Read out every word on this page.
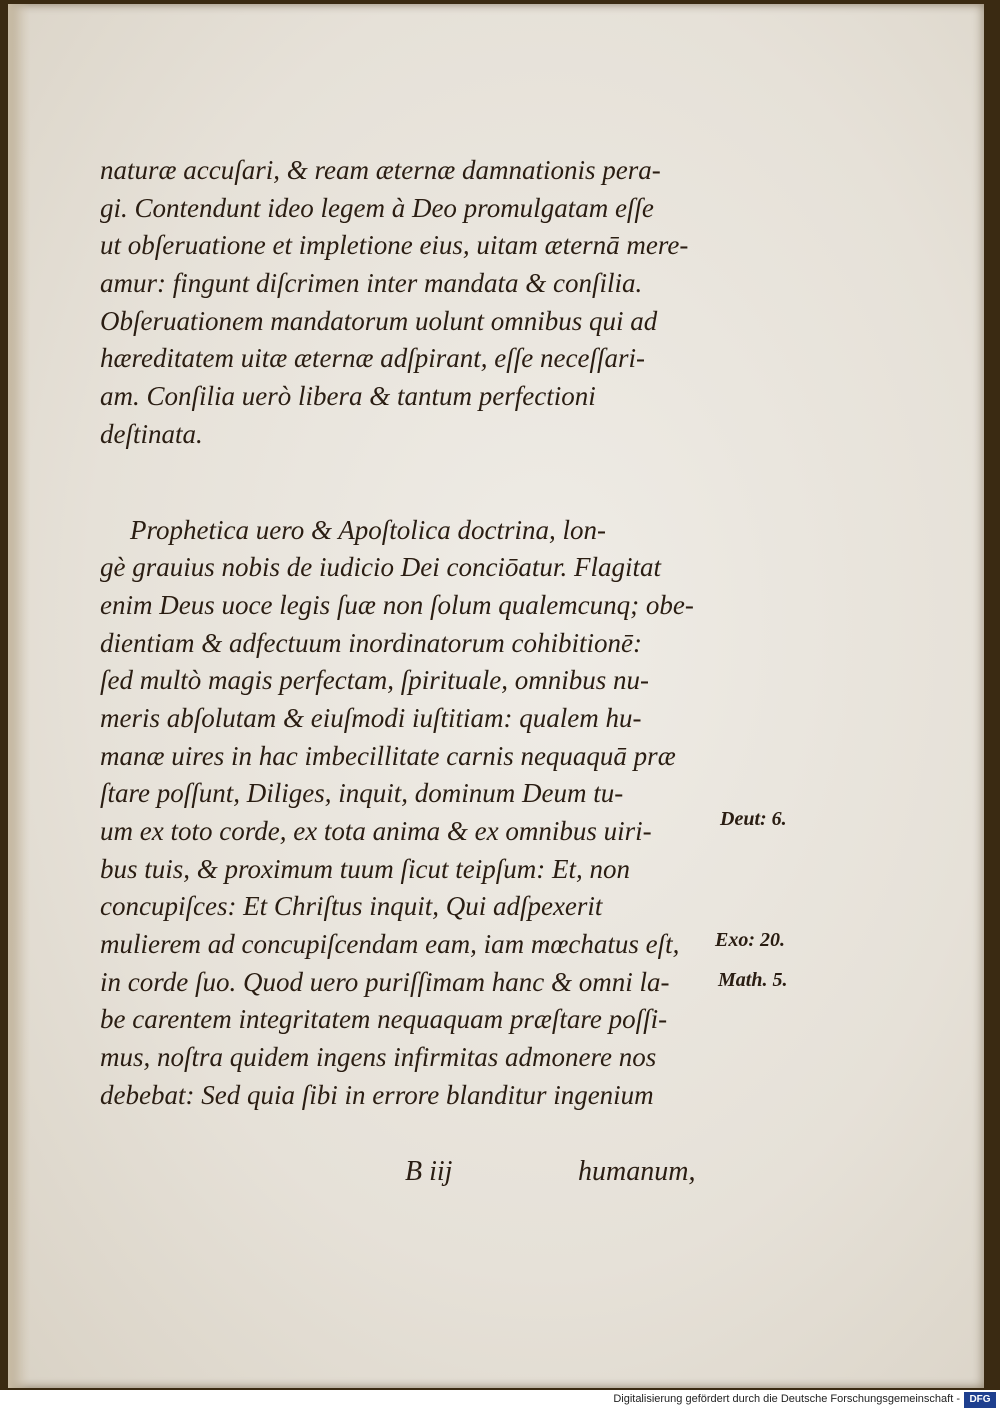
naturæ accuſari, & ream æternæ damnationis pera-
gi. Contendunt ideo legem à Deo promulgatam eſſe
ut obſeruatione et impletione eius, uitam æternā mere-
amur: fingunt diſcrimen inter mandata & conſilia.
Obſeruationem mandatorum uolunt omnibus qui ad
hæreditatem uitæ æternæ adſpirant, eſſe neceſſari-
am. Conſilia uerò libera & tantum perfectioni
deſtinata.
Prophetica uero & Apoſtolica doctrina, lon-
gè grauius nobis de iudicio Dei conciōatur. Flagitat
enim Deus uoce legis ſuæ non ſolum qualemcunq; obe-
dientiam & adfectuum inordinatorum cohibitionē:
ſed multò magis perfectam, ſpirituale, omnibus nu-
meris abſolutam & eiuſmodi iuſtitiam: qualem hu-
manæ uires in hac imbecillitate carnis nequaquā præ
ſtare poſſunt, Diliges, inquit, dominum Deum tu-
um ex toto corde, ex tota anima & ex omnibus uiri-
bus tuis, & proximum tuum ſicut teipſum: Et, non
concupiſces: Et Chriſtus inquit, Qui adſpexerit
mulierem ad concupiſcendam eam, iam mœchatus eſt,
in corde ſuo. Quod uero puriſſimam hanc & omni la-
be carentem integritatem nequaquam præſtare poſſi-
mus, noſtra quidem ingens infirmitas admonere nos
debebat: Sed quia ſibi in errore blanditur ingenium
Deut: 6.
Exo: 20.
Math. 5.
B iij	humanum,
Digitalisierung gefördert durch die Deutsche Forschungsgemeinschaft - DFG
